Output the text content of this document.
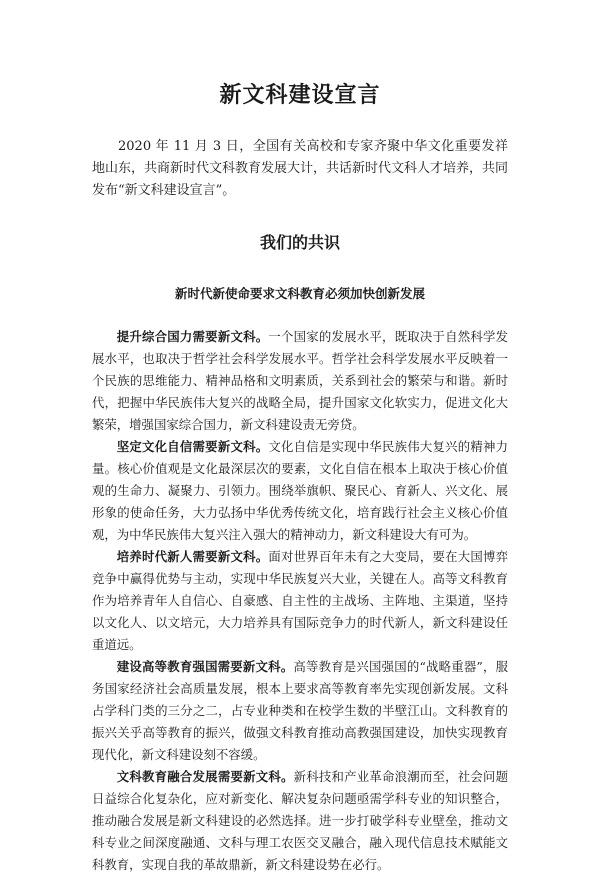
新文科建设宣言

2020 年 11 月 3 日，全国有关高校和专家齐聚中华文化重要发祥地山东，共商新时代文科教育发展大计，共话新时代文科人才培养，共同发布“新文科建设宣言”。

我们的共识
新时代新使命要求文科教育必须加快创新发展

提升综合国力需要新文科。一个国家的发展水平，既取决于自然科学发展水平，也取决于哲学社会科学发展水平。哲学社会科学发展水平反映着一个民族的思维能力、精神品格和文明素质，关系到社会的繁荣与和谐。新时代，把握中华民族伟大复兴的战略全局，提升国家文化软实力，促进文化大繁荣，增强国家综合国力，新文科建设责无旁贷。

坚定文化自信需要新文科。文化自信是实现中华民族伟大复兴的精神力量。核心价值观是文化最深层次的要素，文化自信在根本上取决于核心价值观的生命力、凝聚力、引领力。围绕举旗帜、聚民心、育新人、兴文化、展形象的使命任务，大力弘扬中华优秀传统文化，培育践行社会主义核心价值观，为中华民族伟大复兴注入强大的精神动力，新文科建设大有可为。

培养时代新人需要新文科。面对世界百年未有之大变局，要在大国博弈竞争中赢得优势与主动，实现中华民族复兴大业，关键在人。高等文科教育作为培养青年人自信心、自豪感、自主性的主战场、主阵地、主渠道，坚持以文化人、以文培元，大力培养具有国际竞争力的时代新人，新文科建设任重道远。

建设高等教育强国需要新文科。高等教育是兴国强国的“战略重器”，服务国家经济社会高质量发展，根本上要求高等教育率先实现创新发展。文科占学科门类的三分之二，占专业种类和在校学生数的半壁江山。文科教育的振兴关乎高等教育的振兴，做强文科教育推动高教强国建设，加快实现教育现代化，新文科建设刻不容缓。

文科教育融合发展需要新文科。新科技和产业革命浪潮而至，社会问题日益综合化复杂化，应对新变化、解决复杂问题亟需学科专业的知识整合，推动融合发展是新文科建设的必然选择。进一步打破学科专业壁垒，推动文科专业之间深度融通、文科与理工农医交叉融合，融入现代信息技术赋能文科教育，实现自我的革故鼎新，新文科建设势在必行。
